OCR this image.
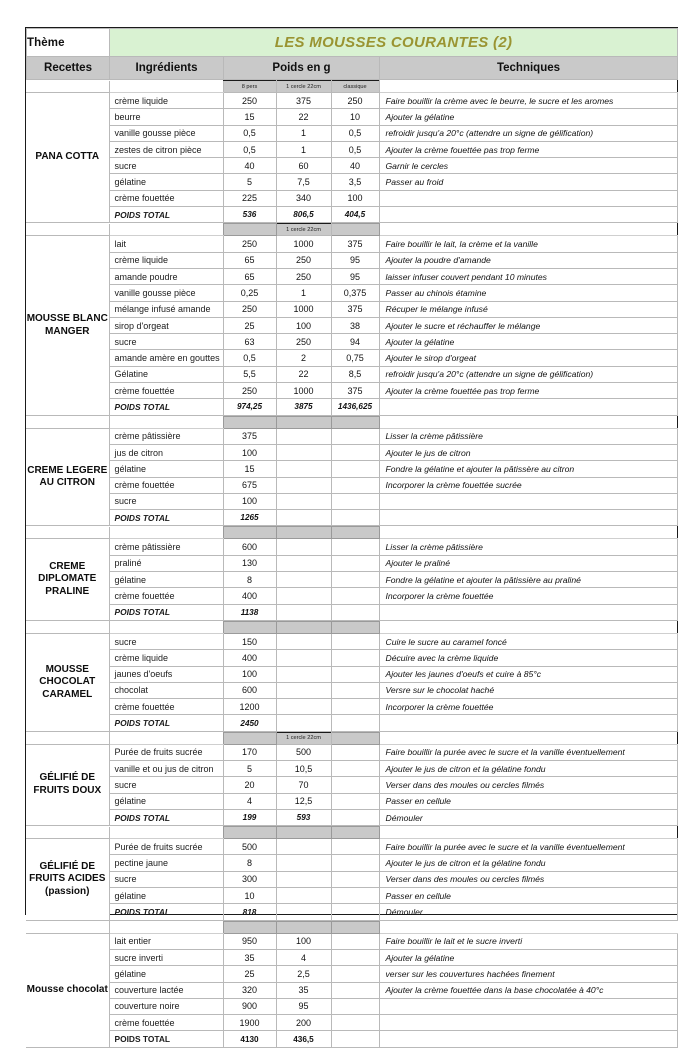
Thème	LES MOUSSES COURANTES (2)		
Recettes	Ingrédients	Poids en g	Techniques
		8 pers	1 cercle 22cm	classique	
PANA COTTA	crème liquide	250	375	250	Faire bouillir la crème avec le beurre, le sucre et les aromes
	beurre	15	22	10	Ajouter la gélatine
	vanille gousse pièce	0,5	1	0,5	refroidir jusqu'a 20°c (attendre un signe de gélification)
	zestes de citron pièce	0,5	1	0,5	Ajouter la crème fouettée pas trop ferme
	sucre	40	60	40	Garnir le cercles
	gélatine	5	7,5	3,5	Passer au froid
	crème fouettée	225	340	100	
	POIDS TOTAL	536	806,5	404,5	
			1 cercle 22cm		
MOUSSE BLANC MANGER	lait	250	1000	375	Faire bouillir le lait, la crème et la vanille
	crème liquide	65	250	95	Ajouter la poudre d'amande
	amande poudre	65	250	95	laisser infuser couvert pendant 10 minutes
	vanille gousse pièce	0,25	1	0,375	Passer au chinois étamine
	mélange infusé amande	250	1000	375	Récuper le mélange infusé
	sirop d'orgeat	25	100	38	Ajouter le sucre et réchauffer le mélange
	sucre	63	250	94	Ajouter la gélatine
	amande amère en gouttes	0,5	2	0,75	Ajouter le sirop d'orgeat
	Gélatine	5,5	22	8,5	refroidir jusqu'a 20°c (attendre un signe de gélification)
	crème fouettée	250	1000	375	Ajouter la crème fouettée pas trop ferme
	POIDS TOTAL	974,25	3875	1436,625	

CREME LEGERE AU CITRON	crème pâtissière	375			Lisser la crème pâtissière
	jus de citron	100			Ajouter le jus de citron
	gélatine	15			Fondre la gélatine et ajouter la pâtissère au citron
	crème fouettée	675			Incorporer la crème fouettée sucrée
	sucre	100			
	POIDS TOTAL	1265			

CREME DIPLOMATE PRALINE	crème pâtissière	600			Lisser la crème pâtissière
	praliné	130			Ajouter le praliné
	gélatine	8			Fondre la gélatine et ajouter la pâtissière au praliné
	crème fouettée	400			Incorporer la crème fouettée
	POIDS TOTAL	1138			

MOUSSE CHOCOLAT CARAMEL	sucre	150			Cuire le sucre au caramel foncé
	crème liquide	400			Décuire avec la crème liquide
	jaunes d'oeufs	100			Ajouter les jaunes d'oeufs et cuire à 85°c
	chocolat	600			Versre sur le chocolat haché
	crème fouettée	1200			Incorporer la crème fouettée
	POIDS TOTAL	2450			
			1 cercle 22cm		
GÉLIFIÉ DE FRUITS DOUX	Purée de fruits sucrée	170	500		Faire bouillir la purée avec le sucre et la vanille éventuellement
	vanille et ou jus de citron	5	10,5		Ajouter le jus de citron et la gélatine fondu
	sucre	20	70		Verser dans des moules ou cercles filmés
	gélatine	4	12,5		Passer en cellule
	POIDS TOTAL	199	593		Démouler

GÉLIFIÉ DE FRUITS ACIDES (passion)	Purée de fruits sucrée	500			Faire bouillir la purée avec le sucre et la vanille éventuellement
	pectine jaune	8			Ajouter le jus de citron et la gélatine fondu
	sucre	300			Verser dans des moules ou cercles filmés
	gélatine	10			Passer en cellule
	POIDS TOTAL	818			Démouler

Mousse chocolat	lait entier	950	100		Faire bouillir le lait et le sucre inverti
	sucre inverti	35	4		Ajouter la gélatine
	gélatine	25	2,5		verser sur les couvertures hachées finement
	couverture lactée	320	35		Ajouter la crème fouettée dans la base chocolatée à 40°c
	couverture noire	900	95		
	crème fouettée	1900	200		
	POIDS TOTAL	4130	436,5		
